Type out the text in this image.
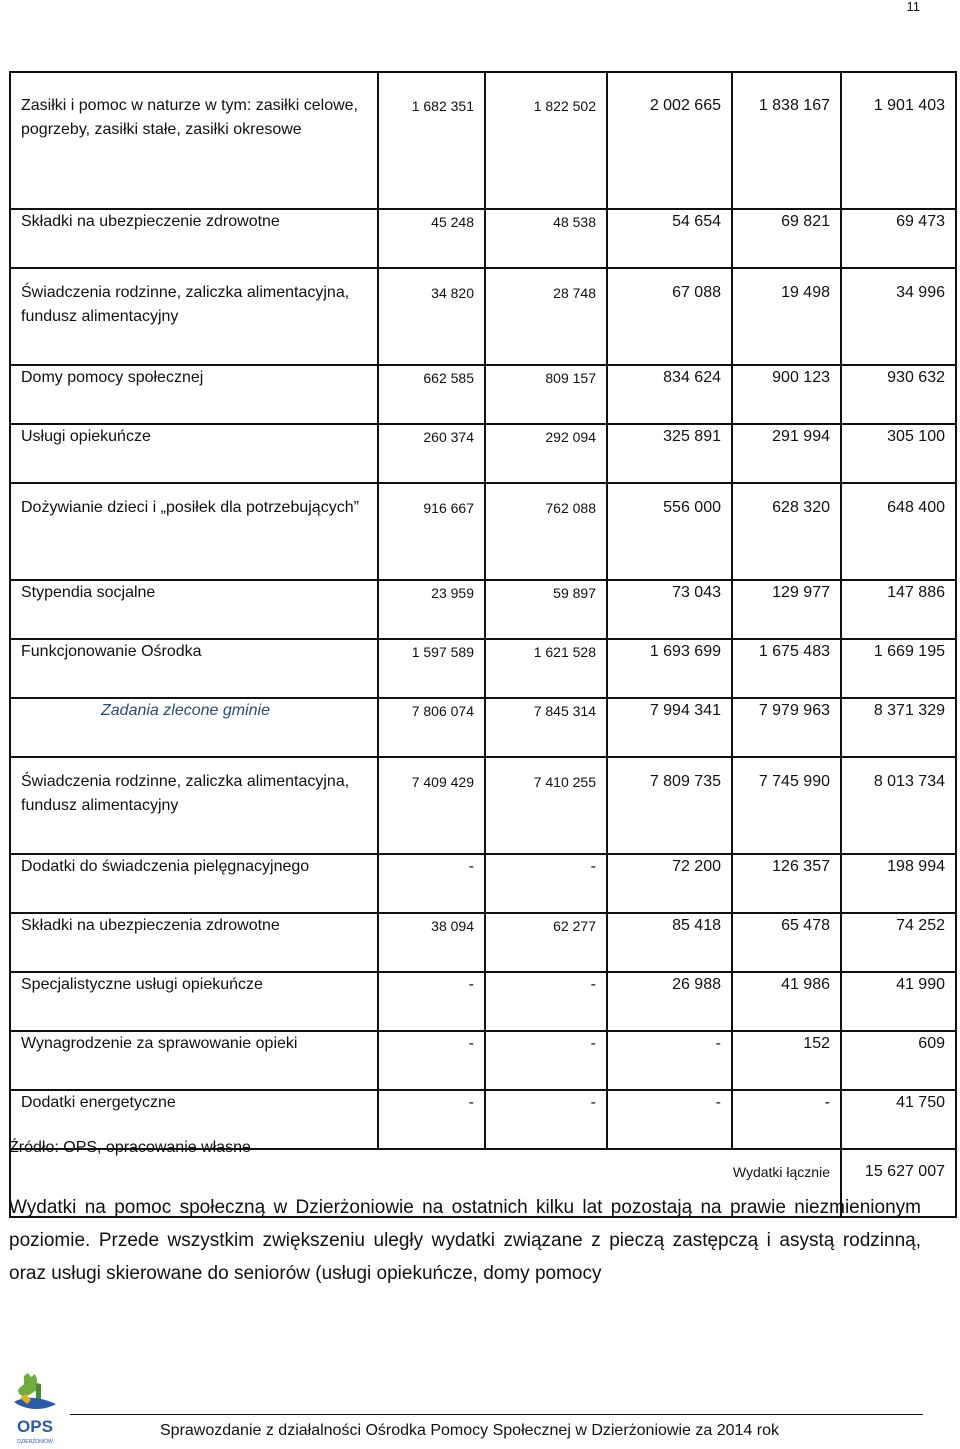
11
Zasiłki i pomoc w naturze w tym: zasiłki celowe, pogrzeby, zasiłki stałe, zasiłki okresowe	1 682 351	1 822 502	2 002 665	1 838 167	1 901 403
Składki na ubezpieczenie zdrowotne	45 248	48 538	54 654	69 821	69 473
Świadczenia rodzinne, zaliczka alimentacyjna, fundusz alimentacyjny	34 820	28 748	67 088	19 498	34 996
Domy pomocy społecznej	662 585	809 157	834 624	900 123	930 632
Usługi opiekuńcze	260 374	292 094	325 891	291 994	305 100
Dożywianie dzieci i „posiłek dla potrzebujących”	916 667	762 088	556 000	628 320	648 400
Stypendia socjalne	23 959	59 897	73 043	129 977	147 886
Funkcjonowanie Ośrodka	1 597 589	1 621 528	1 693 699	1 675 483	1 669 195
Zadania zlecone gminie	7 806 074	7 845 314	7 994 341	7 979 963	8 371 329
Świadczenia rodzinne, zaliczka alimentacyjna, fundusz alimentacyjny	7 409 429	7 410 255	7 809 735	7 745 990	8 013 734
Dodatki do świadczenia pielęgnacyjnego	-	-	72 200	126 357	198 994
Składki na ubezpieczenia zdrowotne	38 094	62 277	85 418	65 478	74 252
Specjalistyczne usługi opiekuńcze	-	-	26 988	41 986	41 990
Wynagrodzenie za sprawowanie opieki	-	-	-	152	609
Dodatki energetyczne	-	-	-	-	41 750
Wydatki łącznie					15 627 007
Źródło: OPS, opracowanie własne
Wydatki na pomoc społeczną w Dzierżoniowie na ostatnich kilku lat pozostają na prawie niezmienionym poziomie. Przede wszystkim zwiększeniu uległy wydatki związane z pieczą zastępczą i asystą rodzinną, oraz usługi skierowane do seniorów (usługi opiekuńcze, domy pomocy
OPS
DZIERŻONIÓW
Sprawozdanie z działalności Ośrodka Pomocy Społecznej w Dzierżoniowie za 2014 rok
